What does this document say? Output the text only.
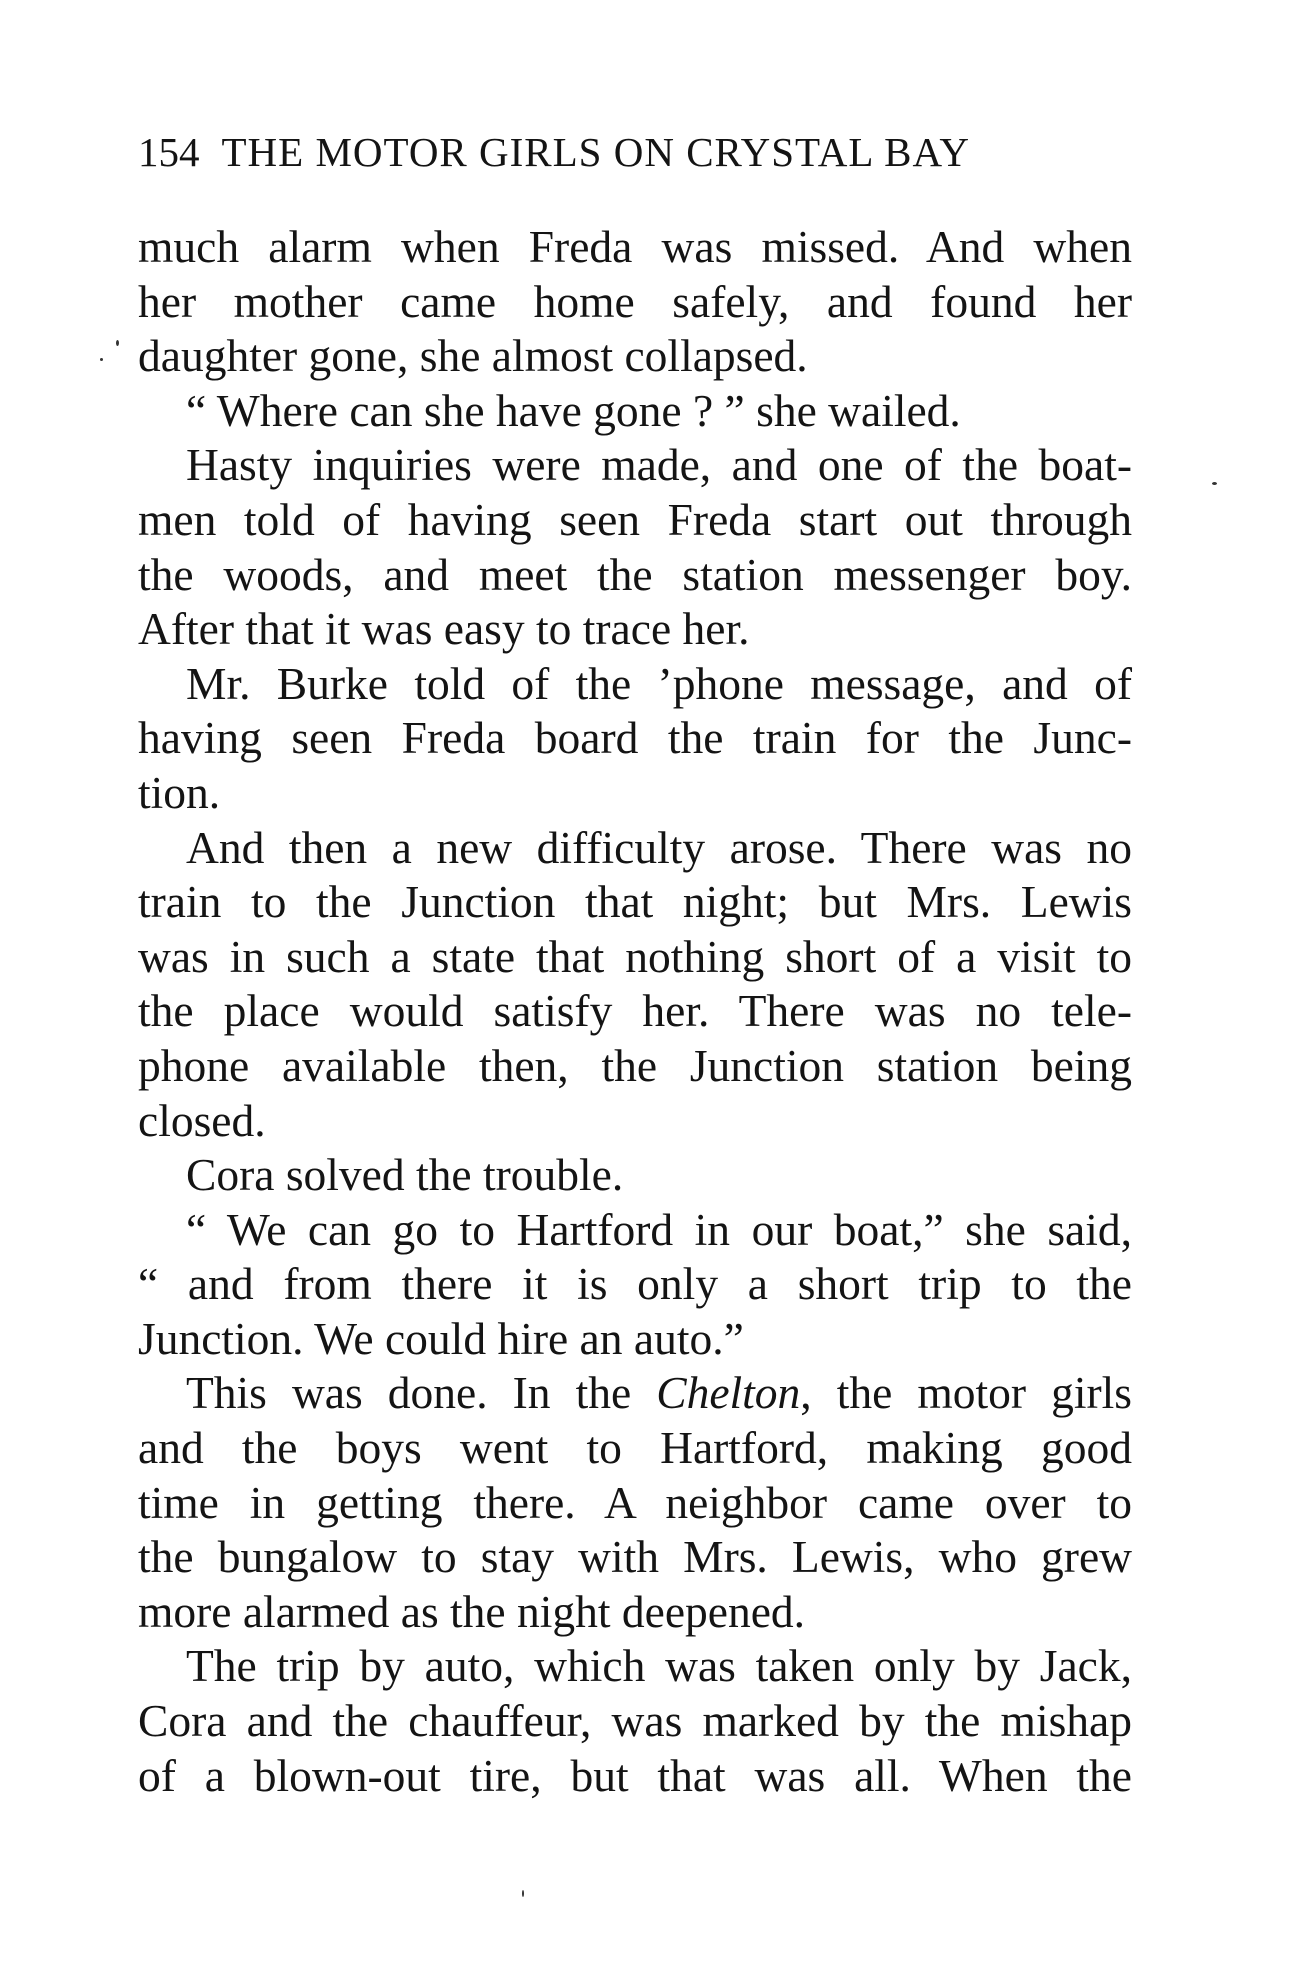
154 THE MOTOR GIRLS ON CRYSTAL BAY
much alarm when Freda was missed. And when
her mother came home safely, and found her
daughter gone, she almost collapsed.
“ Where can she have gone ? ” she wailed.
Hasty inquiries were made, and one of the boat-
men told of having seen Freda start out through
the woods, and meet the station messenger boy.
After that it was easy to trace her.
Mr. Burke told of the ’phone message, and of
having seen Freda board the train for the Junc-
tion.
And then a new difficulty arose. There was no
train to the Junction that night; but Mrs. Lewis
was in such a state that nothing short of a visit to
the place would satisfy her. There was no tele-
phone available then, the Junction station being
closed.
Cora solved the trouble.
“ We can go to Hartford in our boat,” she said,
“ and from there it is only a short trip to the
Junction. We could hire an auto.”
This was done. In the Chelton, the motor girls
and the boys went to Hartford, making good
time in getting there. A neighbor came over to
the bungalow to stay with Mrs. Lewis, who grew
more alarmed as the night deepened.
The trip by auto, which was taken only by Jack,
Cora and the chauffeur, was marked by the mishap
of a blown-out tire, but that was all. When the
